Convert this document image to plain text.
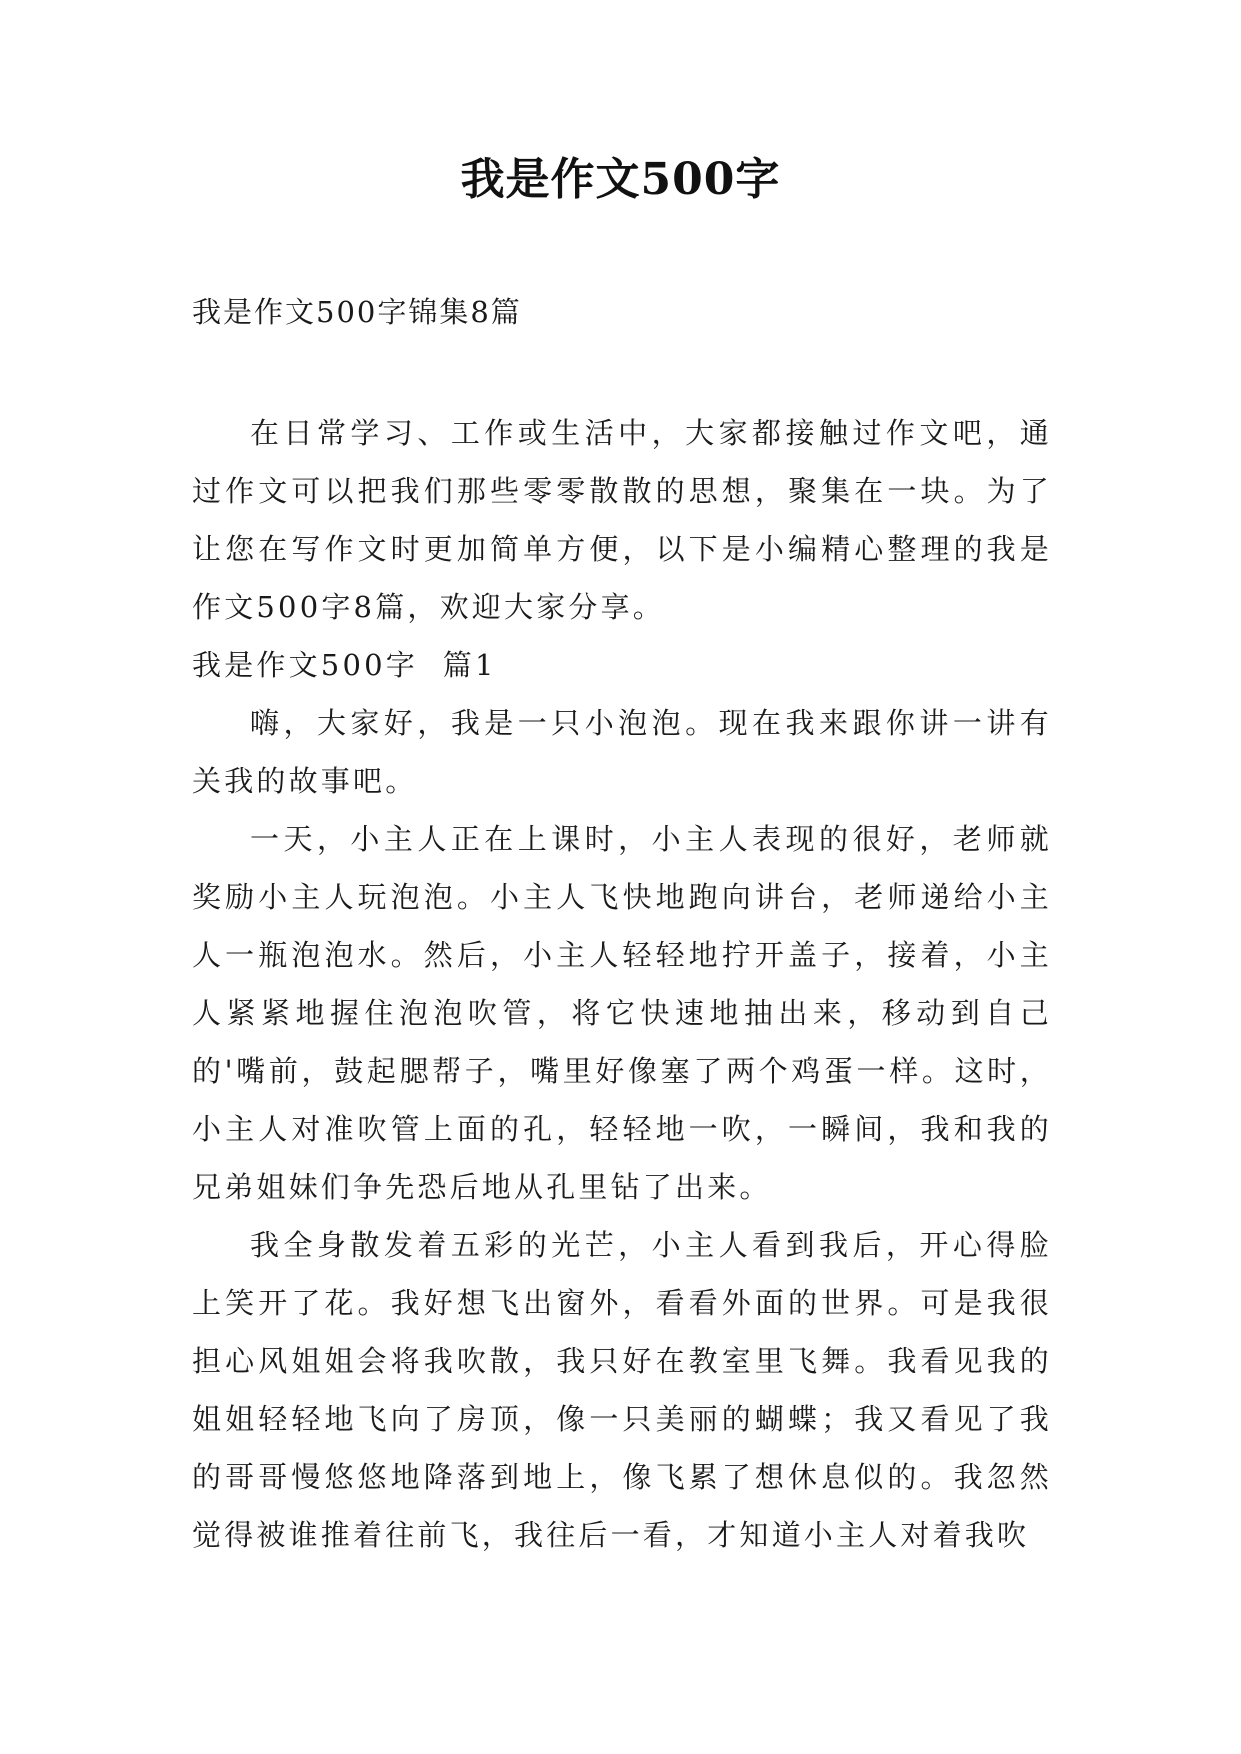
我是作文500字
我是作文500字锦集8篇

在日常学习、工作或生活中，大家都接触过作文吧，通过作文可以把我们那些零零散散的思想，聚集在一块。为了让您在写作文时更加简单方便，以下是小编精心整理的我是作文500字8篇，欢迎大家分享。

我是作文500字  篇1

嗨，大家好，我是一只小泡泡。现在我来跟你讲一讲有关我的故事吧。

一天，小主人正在上课时，小主人表现的很好，老师就奖励小主人玩泡泡。小主人飞快地跑向讲台，老师递给小主人一瓶泡泡水。然后，小主人轻轻地拧开盖子，接着，小主人紧紧地握住泡泡吹管，将它快速地抽出来，移动到自己的'嘴前，鼓起腮帮子，嘴里好像塞了两个鸡蛋一样。这时，小主人对准吹管上面的孔，轻轻地一吹，一瞬间，我和我的兄弟姐妹们争先恐后地从孔里钻了出来。

我全身散发着五彩的光芒，小主人看到我后，开心得脸上笑开了花。我好想飞出窗外，看看外面的世界。可是我很担心风姐姐会将我吹散，我只好在教室里飞舞。我看见我的姐姐轻轻地飞向了房顶，像一只美丽的蝴蝶；我又看见了我的哥哥慢悠悠地降落到地上，像飞累了想休息似的。我忽然觉得被谁推着往前飞，我往后一看，才知道小主人对着我吹
